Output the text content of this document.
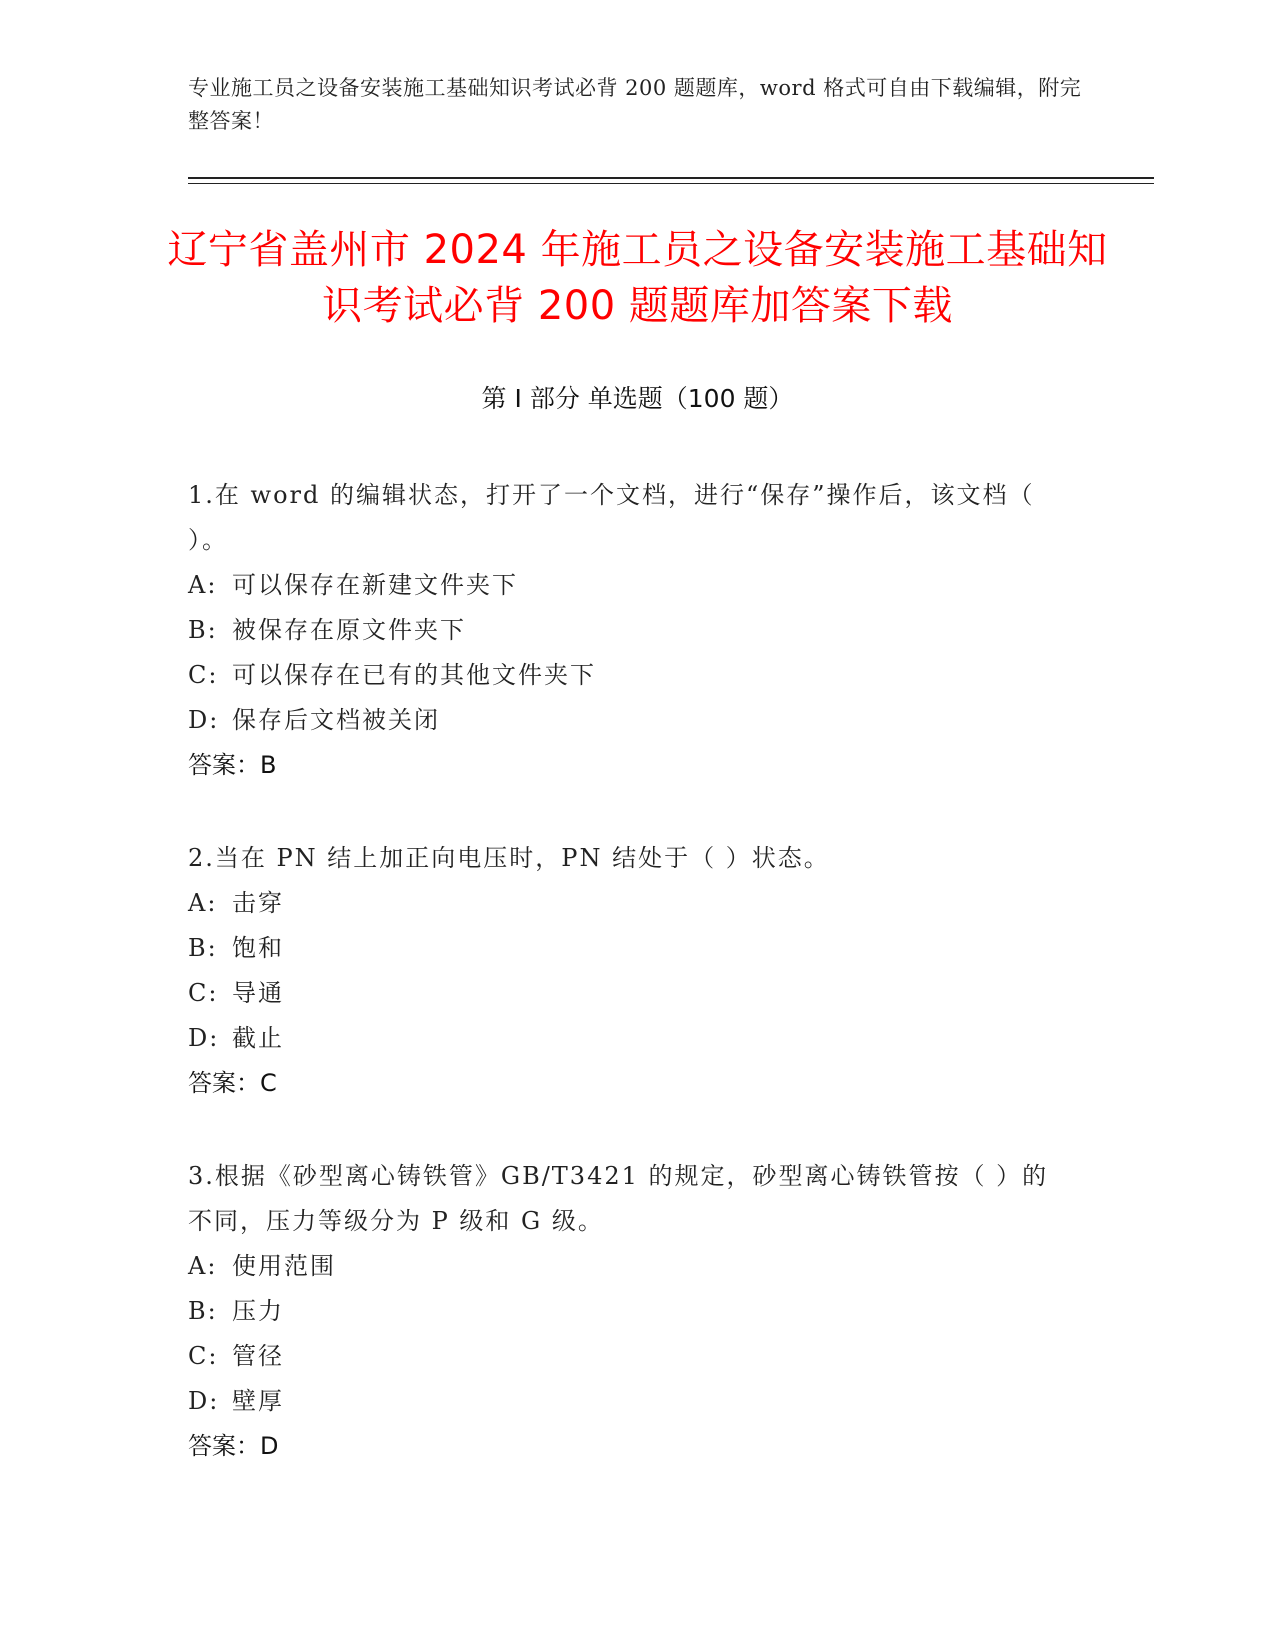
专业施工员之设备安装施工基础知识考试必背 200 题题库，word 格式可自由下载编辑，附完整答案！
辽宁省盖州市 2024 年施工员之设备安装施工基础知识考试必背 200 题题库加答案下载
第 I 部分 单选题（100 题）
1.在 word 的编辑状态，打开了一个文档，进行“保存”操作后，该文档（ ）。
A: 可以保存在新建文件夹下
B: 被保存在原文件夹下
C: 可以保存在已有的其他文件夹下
D: 保存后文档被关闭
答案：B
2.当在 PN 结上加正向电压时，PN 结处于（ ）状态。
A: 击穿
B: 饱和
C: 导通
D: 截止
答案：C
3.根据《砂型离心铸铁管》GB/T3421 的规定，砂型离心铸铁管按（ ）的不同，压力等级分为 P 级和 G 级。
A: 使用范围
B: 压力
C: 管径
D: 壁厚
答案：D
